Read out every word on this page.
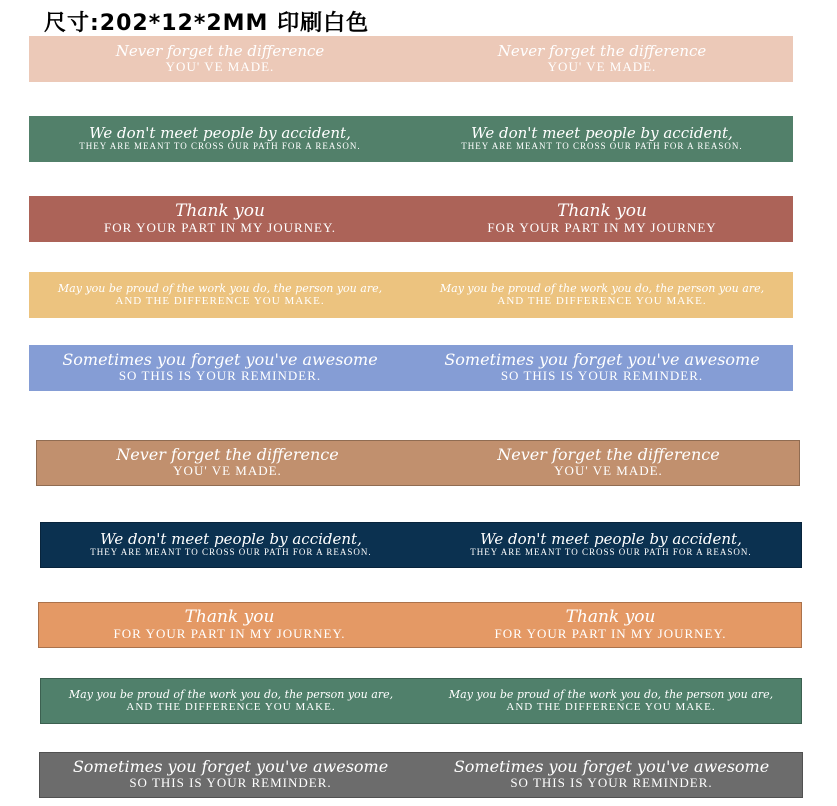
尺寸:202*12*2MM 印刷白色
Never forget the difference
YOU' VE MADE.
Never forget the difference
YOU' VE MADE.
We don't meet people by accident,
THEY ARE MEANT TO CROSS OUR PATH FOR A REASON.
We don't meet people by accident,
THEY ARE MEANT TO CROSS OUR PATH FOR A REASON.
Thank you
FOR YOUR PART IN MY JOURNEY.
Thank you
FOR YOUR PART IN MY JOURNEY
May you be proud of the work you do, the person you are,
AND THE DIFFERENCE YOU MAKE.
May you be proud of the work you do, the person you are,
AND THE DIFFERENCE YOU MAKE.
Sometimes you forget you've awesome
SO THIS IS YOUR REMINDER.
Sometimes you forget you've awesome
SO THIS IS YOUR REMINDER.
Never forget the difference
YOU' VE MADE.
Never forget the difference
YOU' VE MADE.
We don't meet people by accident,
THEY ARE MEANT TO CROSS OUR PATH FOR A REASON.
We don't meet people by accident,
THEY ARE MEANT TO CROSS OUR PATH FOR A REASON.
Thank you
FOR YOUR PART IN MY JOURNEY.
Thank you
FOR YOUR PART IN MY JOURNEY.
May you be proud of the work you do, the person you are,
AND THE DIFFERENCE YOU MAKE.
May you be proud of the work you do, the person you are,
AND THE DIFFERENCE YOU MAKE.
Sometimes you forget you've awesome
SO THIS IS YOUR REMINDER.
Sometimes you forget you've awesome
SO THIS IS YOUR REMINDER.
